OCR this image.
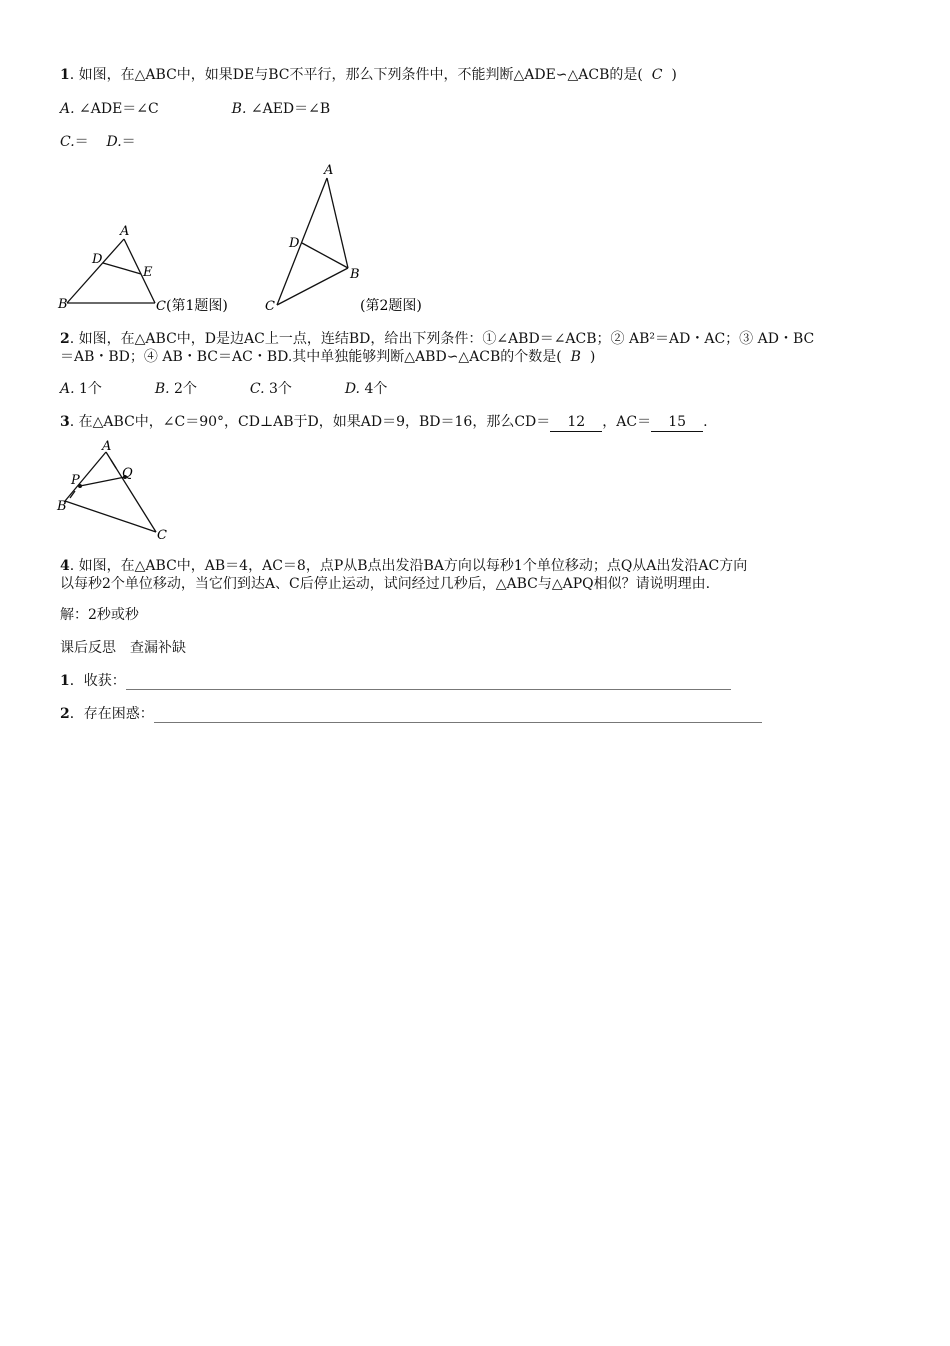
1. 如图，在△ABC中，如果DE与BC不平行，那么下列条件中，不能判断△ADE∽△ACB的是( C )
A. ∠ADE＝∠C	B. ∠AED＝∠B
C.＝ D.＝
A
B	C
D
E
(第1题图)
A
B
C
D
(第2题图)
2. 如图，在△ABC中，D是边AC上一点，连结BD，给出下列条件：①∠ABD＝∠ACB；② AB²＝AD・AC；③ AD・BC
＝AB・BD；④ AB・BC＝AC・BD.其中单独能够判断△ABD∽△ACB的个数是( B )
A. 1个	B. 2个	C. 3个	D. 4个
3. 在△ABC中，∠C＝90°，CD⊥AB于D，如果AD＝9，BD＝16，那么CD＝ 12 ，AC＝ 15 .
A
B
C
P	Q
4. 如图，在△ABC中，AB＝4，AC＝8，点P从B点出发沿BA方向以每秒1个单位移动；点Q从A出发沿AC方向
以每秒2个单位移动，当它们到达A、C后停止运动，试问经过几秒后，△ABC与△APQ相似？请说明理由.
解：2秒或秒
课后反思　查漏补缺
1．收获：
2．存在困惑：
